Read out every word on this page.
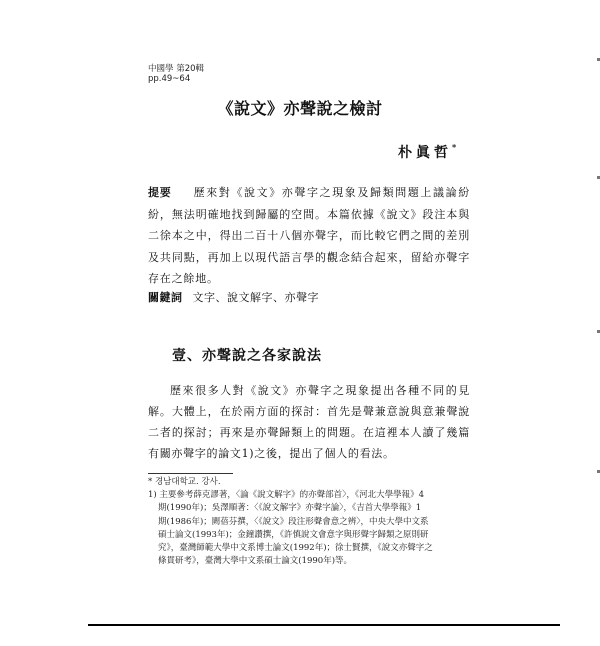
中國學 第20輯
pp.49~64
《說文》亦聲說之檢討
朴眞哲*
提要 歷來對《說文》亦聲字之現象及歸類問題上議論紛紛，無法明確地找到歸屬的空間。本篇依據《說文》段注本與二徐本之中，得出二百十八個亦聲字，而比較它們之間的差別及共同點，再加上以現代語言學的觀念結合起來，留給亦聲字存在之餘地。
關鍵詞 文字、說文解字、亦聲字
壹、亦聲說之各家說法
歷來很多人對《說文》亦聲字之現象提出各種不同的見解。大體上，在於兩方面的探討：首先是聲兼意說與意兼聲說二者的探討；再來是亦聲歸類上的問題。在這裡本人讀了幾篇有關亦聲字的論文1)之後，提出了個人的看法。
* 경남대학교. 강사.
1) 主要參考薛克謬著，〈論《說文解字》的亦聲部首〉，《河北大學學報》4
期(1990年)；吳澤順著：〈《說文解字》亦聲字論〉，《吉首大學學報》1
期(1986年)；闕蓓芬撰，〈《說文》段注形聲會意之辨〉，中央大學中文系
碩士論文(1993年)；金鐘讚撰，《許慎說文會意字與形聲字歸類之原則研
究》，臺灣師範大學中文系博士論文(1992年)；徐士賢撰，《說文亦聲字之
條貫研考》，臺灣大學中文系碩士論文(1990年)等。
